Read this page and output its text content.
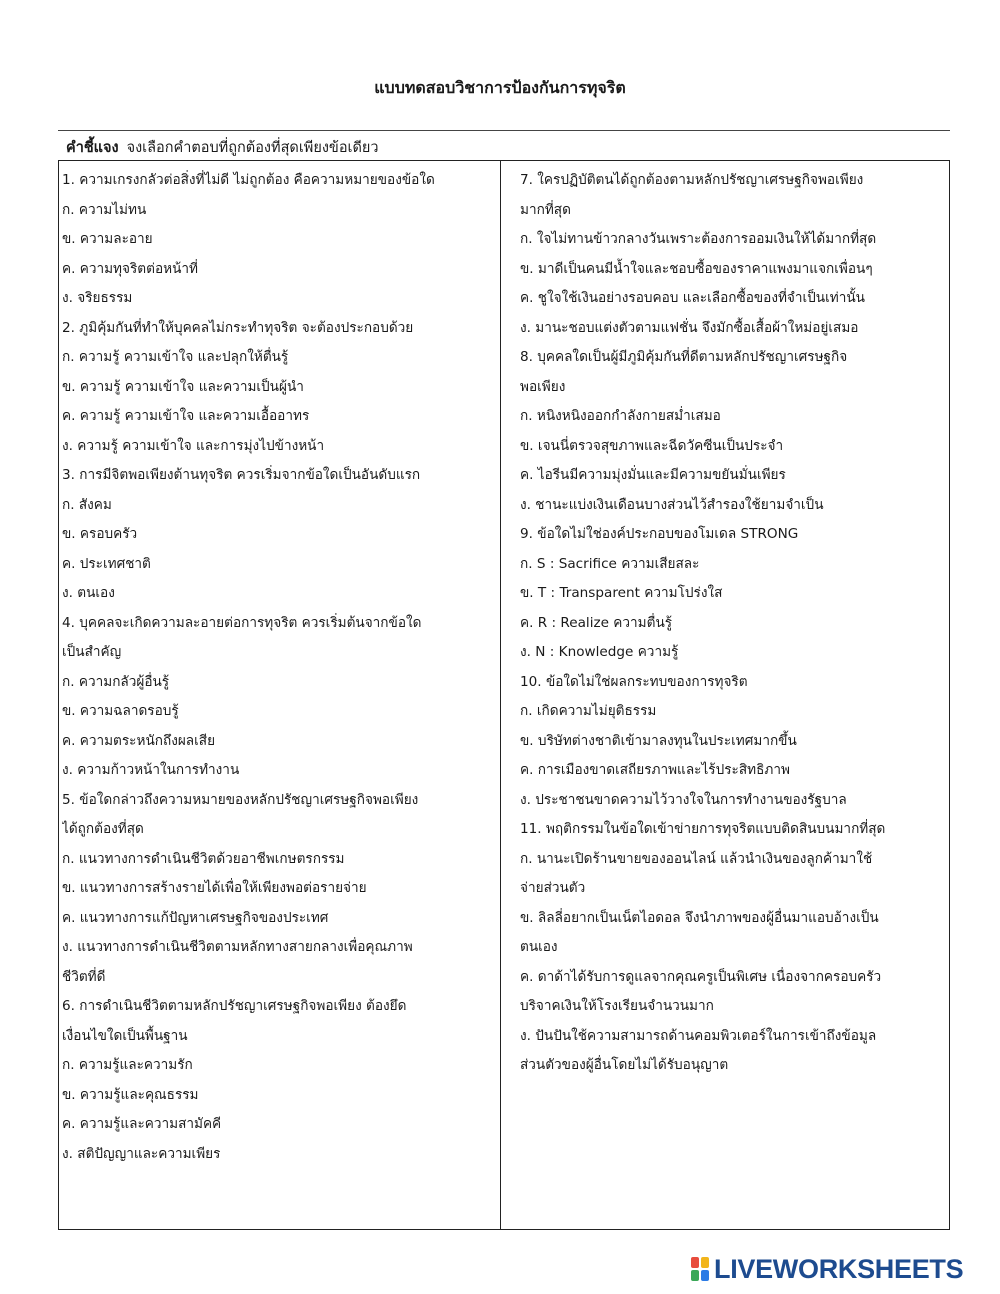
แบบทดสอบวิชาการป้องกันการทุจริต
คำชี้แจง จงเลือกคำตอบที่ถูกต้องที่สุดเพียงข้อเดียว
1. ความเกรงกลัวต่อสิ่งที่ไม่ดี ไม่ถูกต้อง คือความหมายของข้อใด
ก. ความไม่ทน
ข. ความละอาย
ค. ความทุจริตต่อหน้าที่
ง. จริยธรรม
2. ภูมิคุ้มกันที่ทำให้บุคคลไม่กระทำทุจริต จะต้องประกอบด้วย
ก. ความรู้ ความเข้าใจ และปลุกให้ตื่นรู้
ข. ความรู้ ความเข้าใจ และความเป็นผู้นำ
ค. ความรู้ ความเข้าใจ และความเอื้ออาทร
ง. ความรู้ ความเข้าใจ และการมุ่งไปข้างหน้า
3. การมีจิตพอเพียงต้านทุจริต ควรเริ่มจากข้อใดเป็นอันดับแรก
ก. สังคม
ข. ครอบครัว
ค. ประเทศชาติ
ง. ตนเอง
4. บุคคลจะเกิดความละอายต่อการทุจริต ควรเริ่มต้นจากข้อใด
เป็นสำคัญ
ก. ความกลัวผู้อื่นรู้
ข. ความฉลาดรอบรู้
ค. ความตระหนักถึงผลเสีย
ง. ความก้าวหน้าในการทำงาน
5. ข้อใดกล่าวถึงความหมายของหลักปรัชญาเศรษฐกิจพอเพียง
ได้ถูกต้องที่สุด
ก. แนวทางการดำเนินชีวิตด้วยอาชีพเกษตรกรรม
ข. แนวทางการสร้างรายได้เพื่อให้เพียงพอต่อรายจ่าย
ค. แนวทางการแก้ปัญหาเศรษฐกิจของประเทศ
ง. แนวทางการดำเนินชีวิตตามหลักทางสายกลางเพื่อคุณภาพ
ชีวิตที่ดี
6. การดำเนินชีวิตตามหลักปรัชญาเศรษฐกิจพอเพียง ต้องยึด
เงื่อนไขใดเป็นพื้นฐาน
ก. ความรู้และความรัก
ข. ความรู้และคุณธรรม
ค. ความรู้และความสามัคคี
ง. สติปัญญาและความเพียร
7. ใครปฏิบัติตนได้ถูกต้องตามหลักปรัชญาเศรษฐกิจพอเพียง
มากที่สุด
ก. ใจไม่ทานข้าวกลางวันเพราะต้องการออมเงินให้ได้มากที่สุด
ข. มาดีเป็นคนมีน้ำใจและชอบซื้อของราคาแพงมาแจกเพื่อนๆ
ค. ชูใจใช้เงินอย่างรอบคอบ และเลือกซื้อของที่จำเป็นเท่านั้น
ง. มานะชอบแต่งตัวตามแฟชั่น จึงมักซื้อเสื้อผ้าใหม่อยู่เสมอ
8. บุคคลใดเป็นผู้มีภูมิคุ้มกันที่ดีตามหลักปรัชญาเศรษฐกิจ
พอเพียง
ก. หนิงหนิงออกกำลังกายสม่ำเสมอ
ข. เจนนี่ตรวจสุขภาพและฉีดวัคซีนเป็นประจำ
ค. ไอรีนมีความมุ่งมั่นและมีความขยันมั่นเพียร
ง. ชานะแบ่งเงินเดือนบางส่วนไว้สำรองใช้ยามจำเป็น
9. ข้อใดไม่ใช่องค์ประกอบของโมเดล STRONG
ก. S : Sacrifice ความเสียสละ
ข. T : Transparent ความโปร่งใส
ค. R : Realize ความตื่นรู้
ง. N : Knowledge ความรู้
10. ข้อใดไม่ใช่ผลกระทบของการทุจริต
ก. เกิดความไม่ยุติธรรม
ข. บริษัทต่างชาติเข้ามาลงทุนในประเทศมากขึ้น
ค. การเมืองขาดเสถียรภาพและไร้ประสิทธิภาพ
ง. ประชาชนขาดความไว้วางใจในการทำงานของรัฐบาล
11. พฤติกรรมในข้อใดเข้าข่ายการทุจริตแบบติดสินบนมากที่สุด
ก. นานะเปิดร้านขายของออนไลน์ แล้วนำเงินของลูกค้ามาใช้
จ่ายส่วนตัว
ข. ลิลลี่อยากเป็นเน็ตไอดอล จึงนำภาพของผู้อื่นมาแอบอ้างเป็น
ตนเอง
ค. ดาด้าได้รับการดูแลจากคุณครูเป็นพิเศษ เนื่องจากครอบครัว
บริจาคเงินให้โรงเรียนจำนวนมาก
ง. ปันปันใช้ความสามารถด้านคอมพิวเตอร์ในการเข้าถึงข้อมูล
ส่วนตัวของผู้อื่นโดยไม่ได้รับอนุญาต
LIVEWORKSHEETS
